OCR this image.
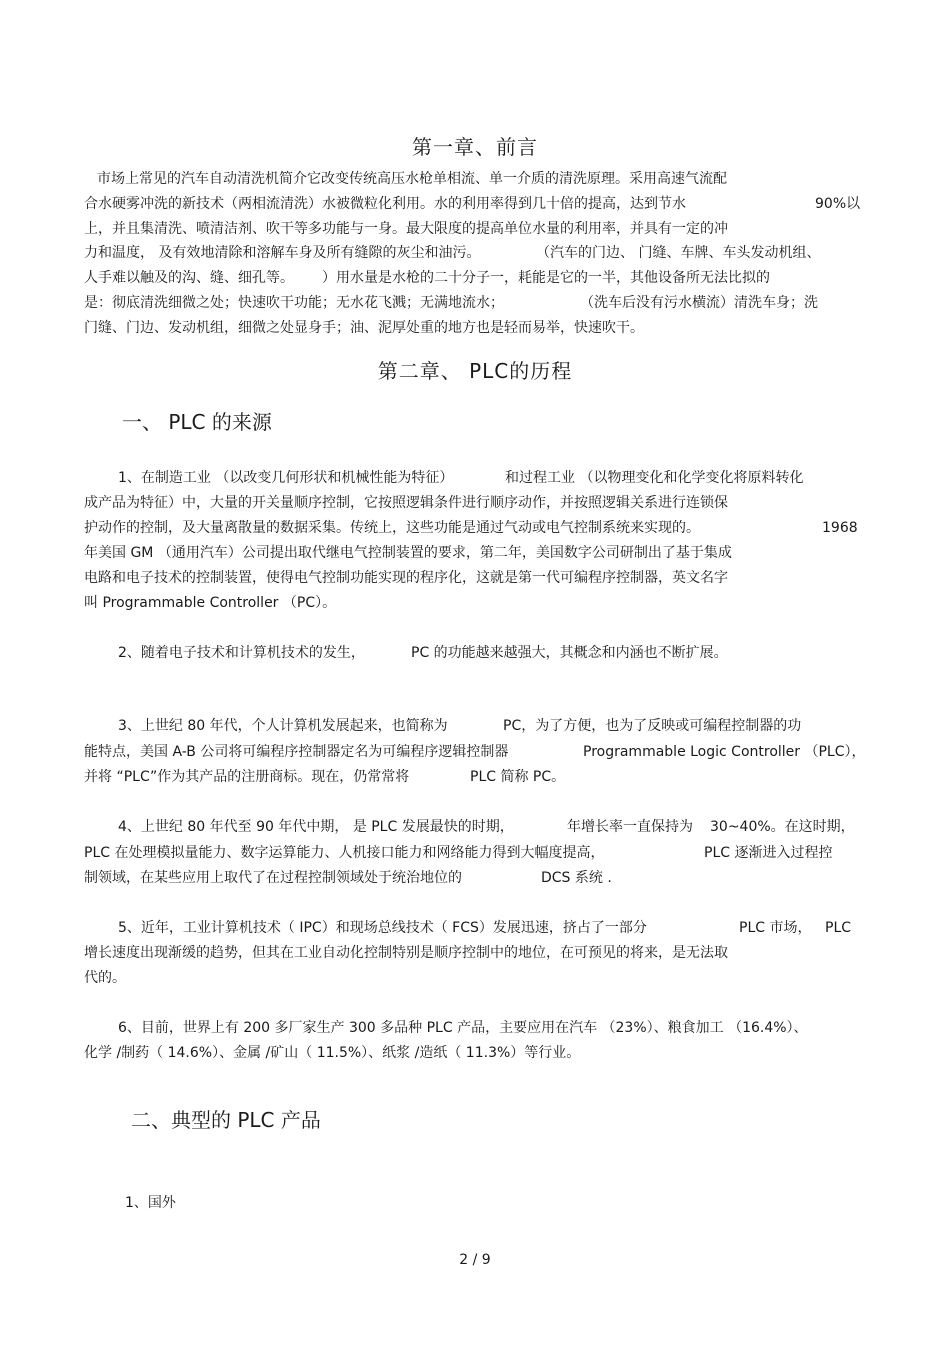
第一章、前言
市场上常见的汽车自动清洗机简介它改变传统高压水枪单相流、单一介质的清洗原理。采用高速气流配
合水硬雾冲洗的新技术（两相流清洗）水被微粒化利用。水的利用率得到几十倍的提高，达到节水	90%以
上，并且集清洗、喷清洁剂、吹干等多功能与一身。最大限度的提高单位水量的利用率，并具有一定的冲
力和温度， 及有效地清除和溶解车身及所有缝隙的灰尘和油污。	（汽车的门边、 门缝、车牌、车头发动机组、
人手难以触及的沟、缝、细孔等。 ）用水量是水枪的二十分子一，耗能是它的一半，其他设备所无法比拟的
是：彻底清洗细微之处；快速吹干功能；无水花飞溅；无满地流水；	（洗车后没有污水横流）清洗车身；洗
门缝、门边、发动机组，细微之处显身手；油、泥厚处重的地方也是轻而易举，快速吹干。
第二章、 PLC的历程
一、 PLC 的来源
1、在制造工业 （以改变几何形状和机械性能为特征）	和过程工业 （以物理变化和化学变化将原料转化
成产品为特征）中，大量的开关量顺序控制，它按照逻辑条件进行顺序动作，并按照逻辑关系进行连锁保
护动作的控制，及大量离散量的数据采集。传统上，这些功能是通过气动或电气控制系统来实现的。	1968
年美国 GM （通用汽车）公司提出取代继电气控制装置的要求，第二年，美国数字公司研制出了基于集成
电路和电子技术的控制装置，使得电气控制功能实现的程序化，这就是第一代可编程序控制器，英文名字
叫 Programmable Controller （PC）。
2、随着电子技术和计算机技术的发生，	PC 的功能越来越强大，其概念和内涵也不断扩展。
3、上世纪 80 年代，个人计算机发展起来，也简称为	PC，为了方便，也为了反映或可编程控制器的功
能特点，美国 A-B 公司将可编程序控制器定名为可编程序逻辑控制器	Programmable Logic Controller （PLC），
并将 “PLC”作为其产品的注册商标。现在，仍常常将	PLC 简称 PC。
4、上世纪 80 年代至 90 年代中期， 是 PLC 发展最快的时期，	年增长率一直保持为 30~40%。在这时期，
PLC 在处理模拟量能力、数字运算能力、人机接口能力和网络能力得到大幅度提高，	PLC 逐渐进入过程控
制领域，在某些应用上取代了在过程控制领域处于统治地位的	DCS 系统 .
5、近年，工业计算机技术（ IPC）和现场总线技术（ FCS）发展迅速，挤占了一部分	PLC 市场， PLC
增长速度出现渐缓的趋势，但其在工业自动化控制特别是顺序控制中的地位，在可预见的将来，是无法取
代的。
6、目前，世界上有 200 多厂家生产 300 多品种 PLC 产品，主要应用在汽车 （23%）、粮食加工 （16.4%）、
化学 /制药（ 14.6%）、金属 /矿山（ 11.5%）、纸浆 /造纸（ 11.3%）等行业。
二、典型的 PLC 产品
1、国外
2 / 9
